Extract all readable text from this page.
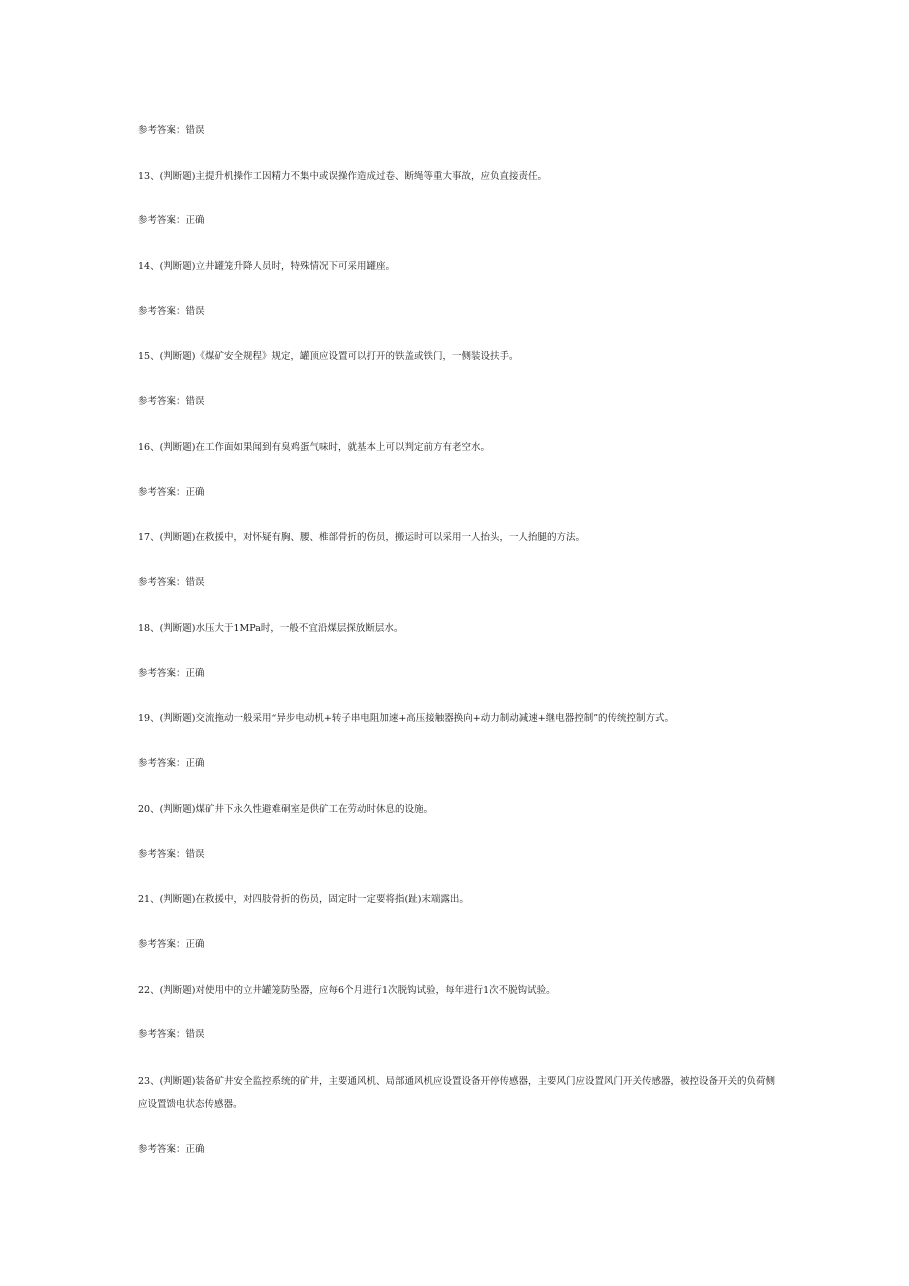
参考答案：错误
13、(判断题)主提升机操作工因精力不集中或误操作造成过卷、断绳等重大事故，应负直接责任。
参考答案：正确
14、(判断题)立井罐笼升降人员时，特殊情况下可采用罐座。
参考答案：错误
15、(判断题)《煤矿安全规程》规定，罐顶应设置可以打开的铁盖或铁门，一侧装设扶手。
参考答案：错误
16、(判断题)在工作面如果闻到有臭鸡蛋气味时，就基本上可以判定前方有老空水。
参考答案：正确
17、(判断题)在救援中，对怀疑有胸、腰、椎部骨折的伤员，搬运时可以采用一人抬头，一人抬腿的方法。
参考答案：错误
18、(判断题)水压大于1MPa时，一般不宜沿煤层探放断层水。
参考答案：正确
19、(判断题)交流拖动一般采用“异步电动机+转子串电阻加速+高压接触器换向+动力制动减速+继电器控制”的传统控制方式。
参考答案：正确
20、(判断题)煤矿井下永久性避难硐室是供矿工在劳动时休息的设施。
参考答案：错误
21、(判断题)在救援中，对四肢骨折的伤员，固定时一定要将指(趾)末端露出。
参考答案：正确
22、(判断题)对使用中的立井罐笼防坠器，应每6个月进行1次脱钩试验，每年进行1次不脱钩试验。
参考答案：错误
23、(判断题)装备矿井安全监控系统的矿井，主要通风机、局部通风机应设置设备开停传感器，主要风门应设置风门开关传感器，被控设备开关的负荷侧应设置馈电状态传感器。
参考答案：正确
